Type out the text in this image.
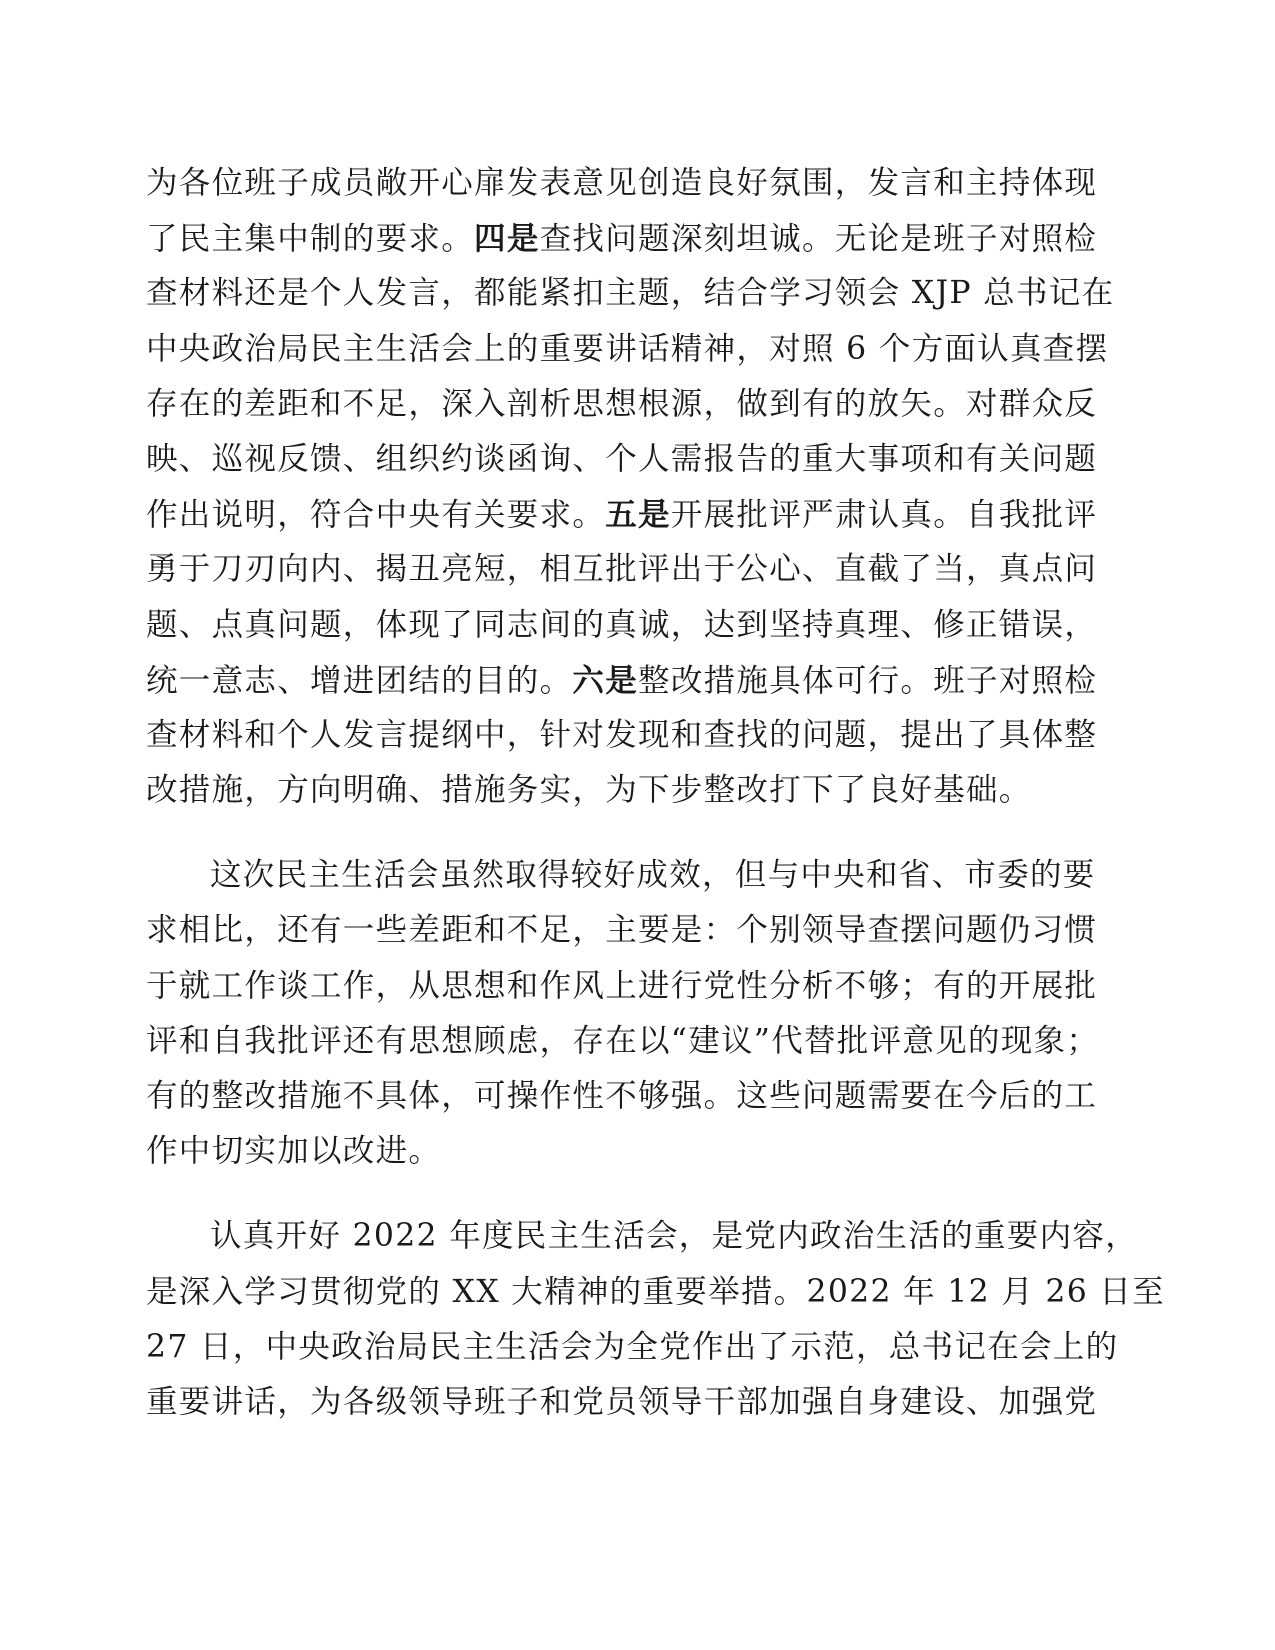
为各位班子成员敞开心扉发表意见创造良好氛围，发言和主持体现
了民主集中制的要求。四是查找问题深刻坦诚。无论是班子对照检
查材料还是个人发言，都能紧扣主题，结合学习领会 XJP 总书记在
中央政治局民主生活会上的重要讲话精神，对照 6 个方面认真查摆
存在的差距和不足，深入剖析思想根源，做到有的放矢。对群众反
映、巡视反馈、组织约谈函询、个人需报告的重大事项和有关问题
作出说明，符合中央有关要求。五是开展批评严肃认真。自我批评
勇于刀刃向内、揭丑亮短，相互批评出于公心、直截了当，真点问
题、点真问题，体现了同志间的真诚，达到坚持真理、修正错误，
统一意志、增进团结的目的。六是整改措施具体可行。班子对照检
查材料和个人发言提纲中，针对发现和查找的问题，提出了具体整
改措施，方向明确、措施务实，为下步整改打下了良好基础。
这次民主生活会虽然取得较好成效，但与中央和省、市委的要
求相比，还有一些差距和不足，主要是：个别领导查摆问题仍习惯
于就工作谈工作，从思想和作风上进行党性分析不够；有的开展批
评和自我批评还有思想顾虑，存在以“建议”代替批评意见的现象；
有的整改措施不具体，可操作性不够强。这些问题需要在今后的工
作中切实加以改进。
认真开好 2022 年度民主生活会，是党内政治生活的重要内容，
是深入学习贯彻党的 XX 大精神的重要举措。2022 年 12 月 26 日至
27 日，中央政治局民主生活会为全党作出了示范，总书记在会上的
重要讲话，为各级领导班子和党员领导干部加强自身建设、加强党
